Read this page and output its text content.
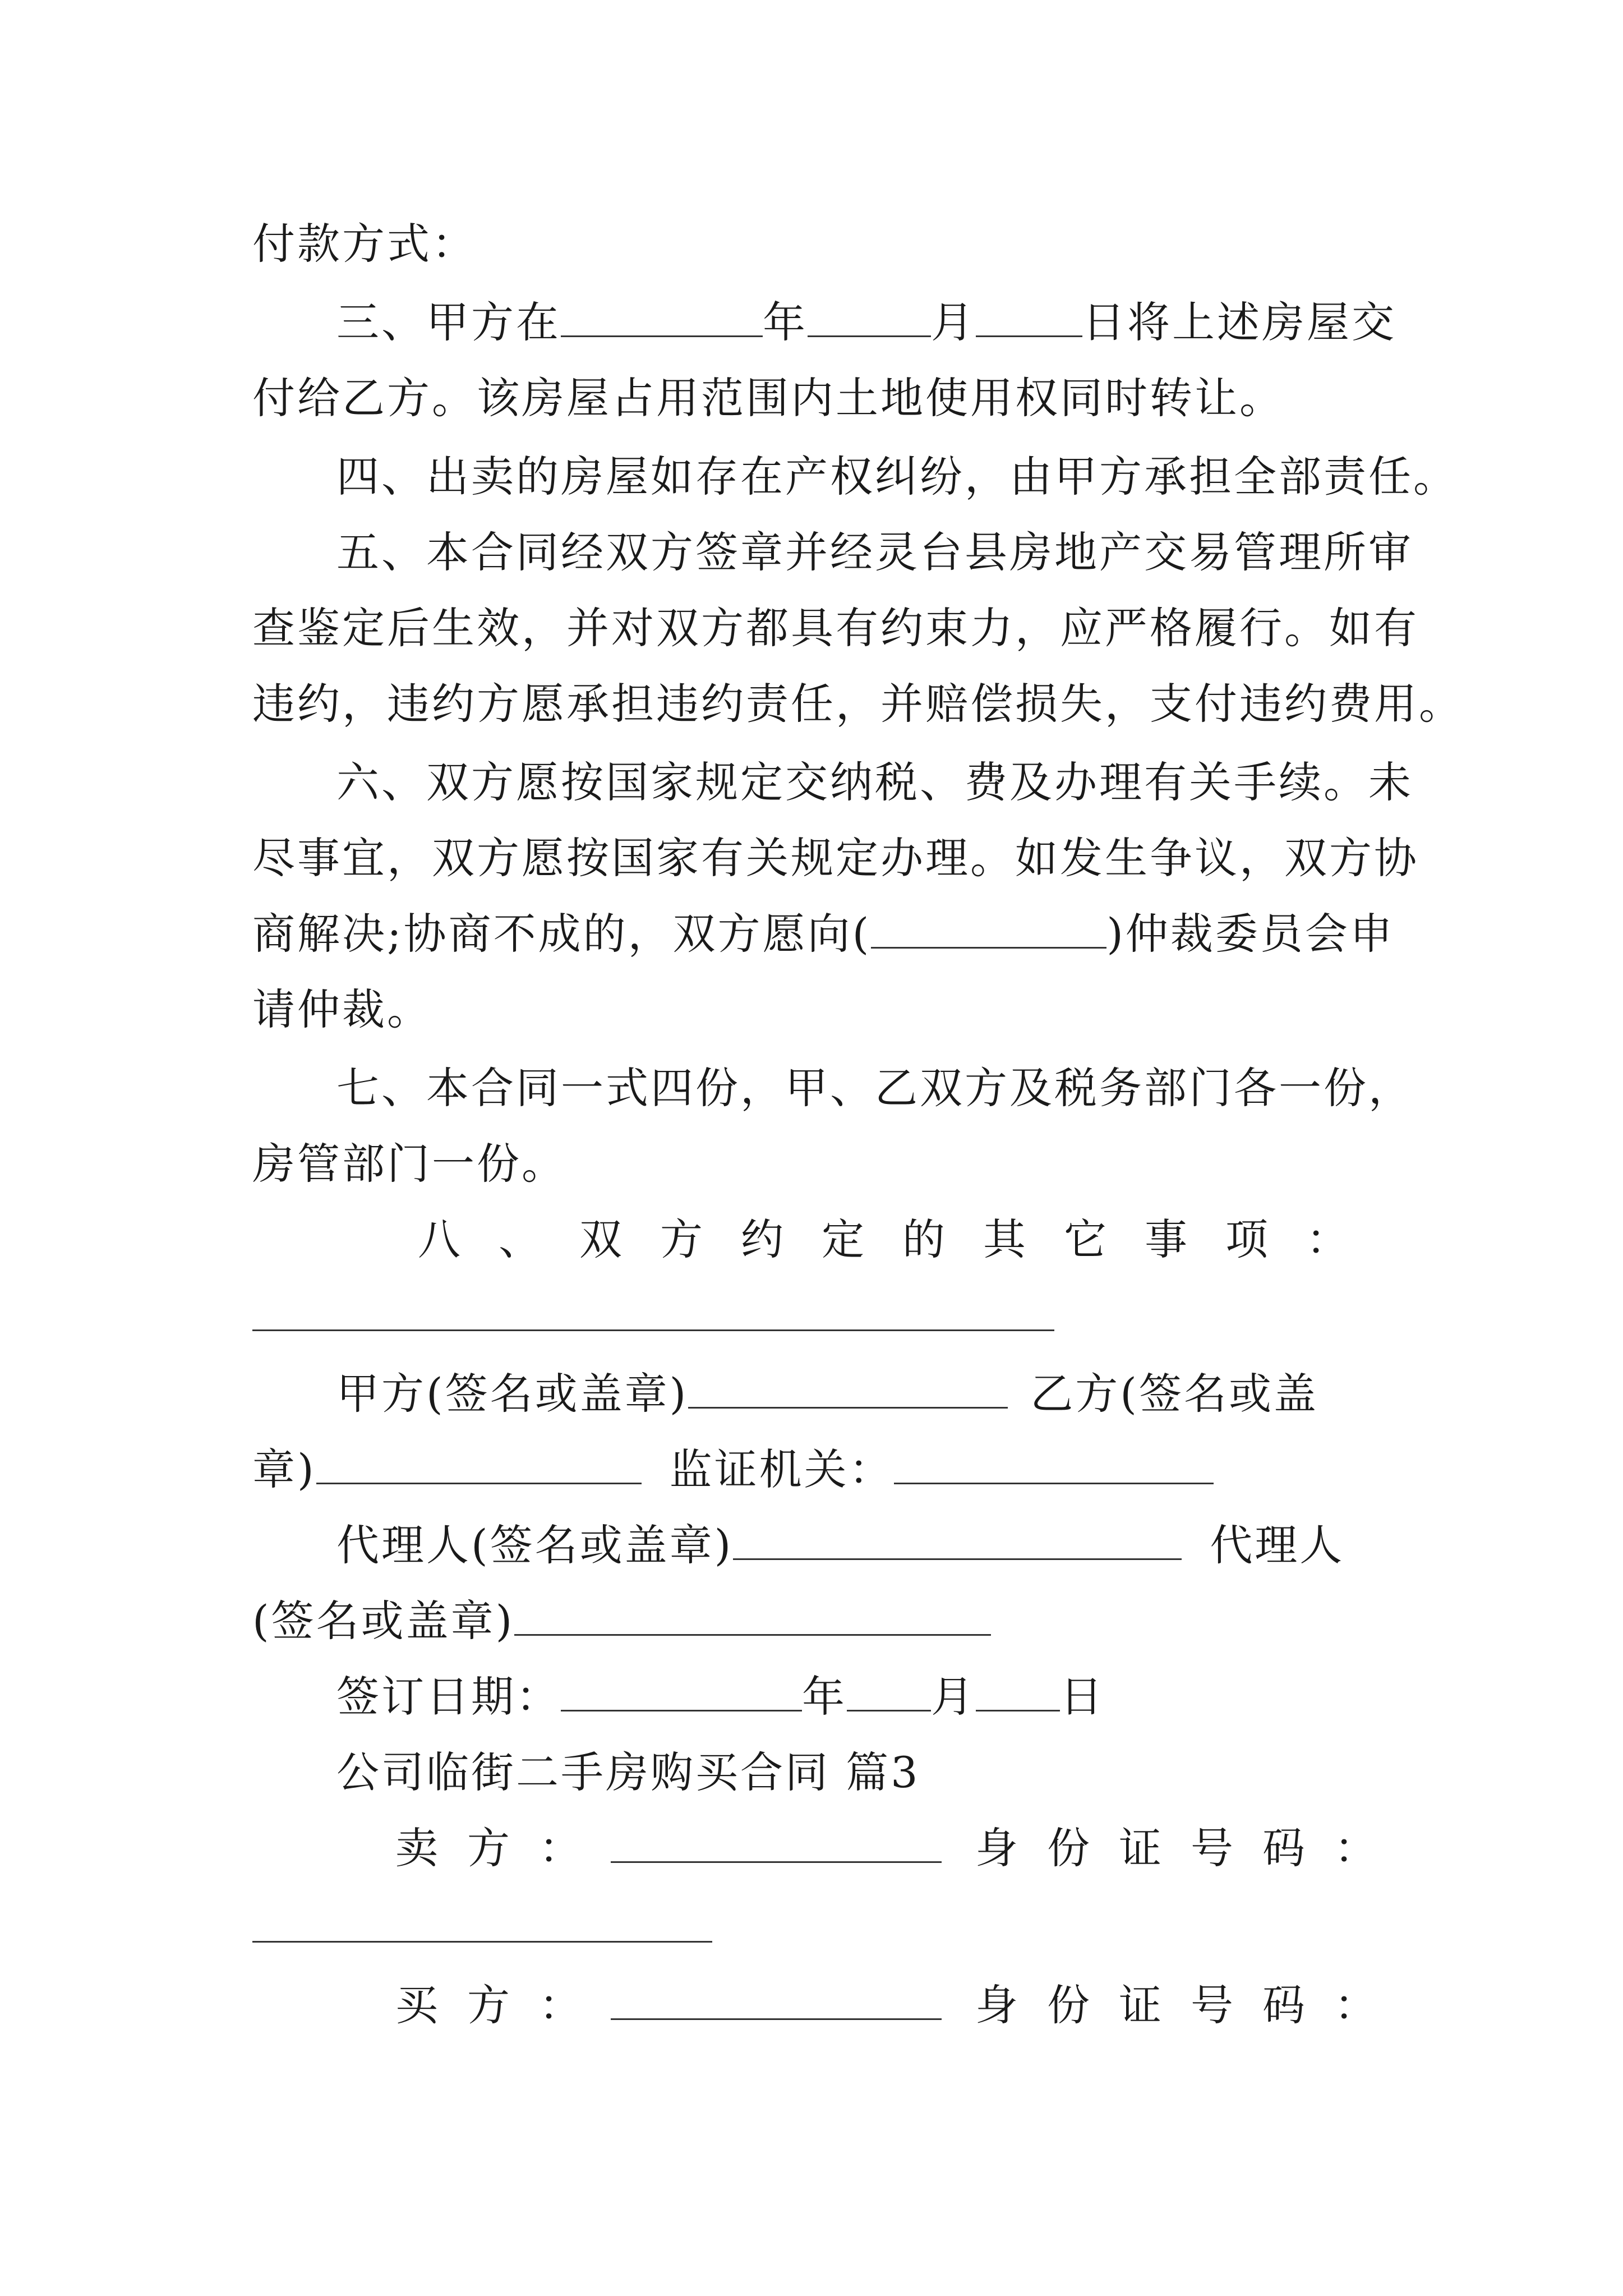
付款方式：
三、甲方在	年	月	日将上述房屋交
付给乙方。该房屋占用范围内土地使用权同时转让。
四、出卖的房屋如存在产权纠纷，由甲方承担全部责任。
五、本合同经双方签章并经灵台县房地产交易管理所审
查鉴定后生效，并对双方都具有约束力，应严格履行。如有
违约，违约方愿承担违约责任，并赔偿损失，支付违约费用。
六、双方愿按国家规定交纳税、费及办理有关手续。未
尽事宜，双方愿按国家有关规定办理。如发生争议，双方协
商解决;协商不成的，双方愿向(	)仲裁委员会申
请仲裁。
七、本合同一式四份，甲、乙双方及税务部门各一份，
房管部门一份。
八、双方约定的其它事项：
甲方(签名或盖章)	乙方(签名或盖
章)	监证机关：
代理人(签名或盖章)	代理人
(签名或盖章)
签订日期：	年 月 日
公司临街二手房购买合同 篇3
卖方：	身份证号码：
买方：	身份证号码：
